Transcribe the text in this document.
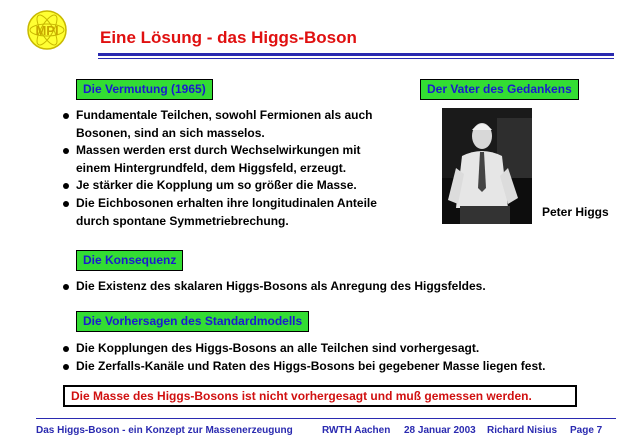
MPI Eine Lösung - das Higgs-Boson
Die Vermutung (1965)
Fundamentale Teilchen, sowohl Fermionen als auch
Bosonen, sind an sich masselos.
Massen werden erst durch Wechselwirkungen mit
einem Hintergrundfeld, dem Higgsfeld, erzeugt.
Je stärker die Kopplung um so größer die Masse.
Die Eichbosonen erhalten ihre longitudinalen Anteile
durch spontane Symmetriebrechung.
Der Vater des Gedankens
Peter Higgs
Die Konsequenz
Die Existenz des skalaren Higgs-Bosons als Anregung des Higgsfeldes.
Die Vorhersagen des Standardmodells
Die Kopplungen des Higgs-Bosons an alle Teilchen sind vorhergesagt.
Die Zerfalls-Kanäle und Raten des Higgs-Bosons bei gegebener Masse liegen fest.
Die Masse des Higgs-Bosons ist nicht vorhergesagt und muß gemessen werden.
Das Higgs-Boson - ein Konzept zur Massenerzeugung	RWTH Aachen 28 Januar 2003 Richard Nisius Page 7
